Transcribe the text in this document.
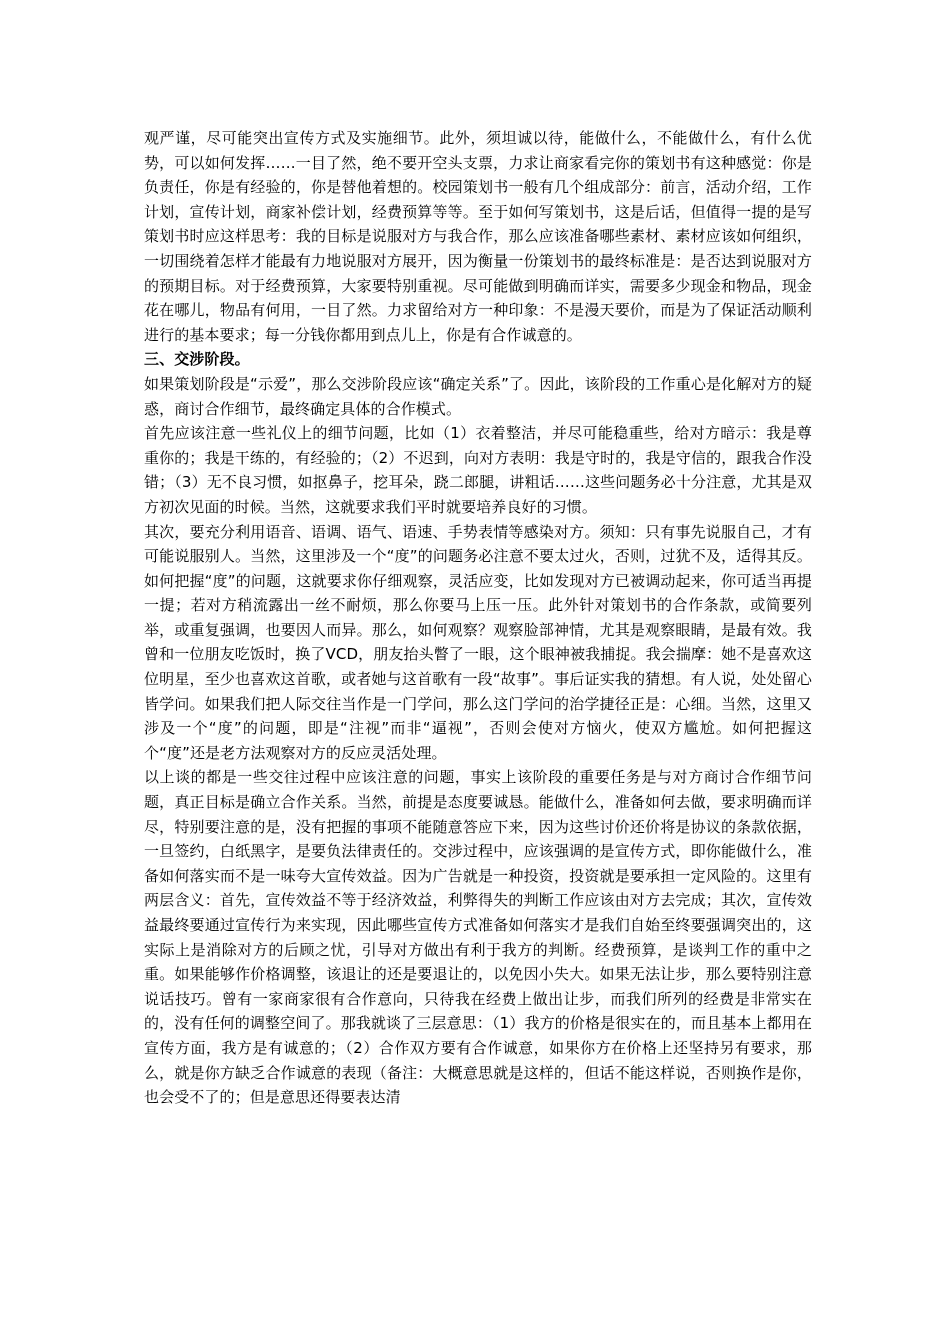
观严谨，尽可能突出宣传方式及实施细节。此外，须坦诚以待，能做什么，不能做什么，有什么优势，可以如何发挥……一目了然，绝不要开空头支票，力求让商家看完你的策划书有这种感觉：你是负责任，你是有经验的，你是替他着想的。校园策划书一般有几个组成部分：前言，活动介绍，工作计划，宣传计划，商家补偿计划，经费预算等等。至于如何写策划书，这是后话，但值得一提的是写策划书时应这样思考：我的目标是说服对方与我合作，那么应该准备哪些素材、素材应该如何组织，一切围绕着怎样才能最有力地说服对方展开，因为衡量一份策划书的最终标准是：是否达到说服对方的预期目标。对于经费预算，大家要特别重视。尽可能做到明确而详实，需要多少现金和物品，现金花在哪儿，物品有何用，一目了然。力求留给对方一种印象：不是漫天要价，而是为了保证活动顺利进行的基本要求；每一分钱你都用到点儿上，你是有合作诚意的。

三、交涉阶段。

如果策划阶段是“示爱”，那么交涉阶段应该“确定关系”了。因此，该阶段的工作重心是化解对方的疑惑，商讨合作细节，最终确定具体的合作模式。

首先应该注意一些礼仪上的细节问题，比如（1）衣着整洁，并尽可能稳重些，给对方暗示：我是尊重你的；我是干练的，有经验的；（2）不迟到，向对方表明：我是守时的，我是守信的，跟我合作没错；（3）无不良习惯，如抠鼻子，挖耳朵，跷二郎腿，讲粗话……这些问题务必十分注意，尤其是双方初次见面的时候。当然，这就要求我们平时就要培养良好的习惯。

其次，要充分利用语音、语调、语气、语速、手势表情等感染对方。须知：只有事先说服自己，才有可能说服别人。当然，这里涉及一个“度”的问题务必注意不要太过火，否则，过犹不及，适得其反。如何把握“度”的问题，这就要求你仔细观察，灵活应变，比如发现对方已被调动起来，你可适当再提一提；若对方稍流露出一丝不耐烦，那么你要马上压一压。此外针对策划书的合作条款，或简要列举，或重复强调，也要因人而异。那么，如何观察？观察脸部神情，尤其是观察眼睛，是最有效。我曾和一位朋友吃饭时，换了VCD，朋友抬头瞥了一眼，这个眼神被我捕捉。我会揣摩：她不是喜欢这位明星，至少也喜欢这首歌，或者她与这首歌有一段“故事”。事后证实我的猜想。有人说，处处留心皆学问。如果我们把人际交往当作是一门学问，那么这门学问的治学捷径正是：心细。当然，这里又涉及一个“度”的问题，即是“注视”而非“逼视”，否则会使对方恼火，使双方尴尬。如何把握这个“度”还是老方法观察对方的反应灵活处理。

以上谈的都是一些交往过程中应该注意的问题，事实上该阶段的重要任务是与对方商讨合作细节问题，真正目标是确立合作关系。当然，前提是态度要诚恳。能做什么，准备如何去做，要求明确而详尽，特别要注意的是，没有把握的事项不能随意答应下来，因为这些讨价还价将是协议的条款依据，一旦签约，白纸黑字，是要负法律责任的。交涉过程中，应该强调的是宣传方式，即你能做什么，准备如何落实而不是一味夸大宣传效益。因为广告就是一种投资，投资就是要承担一定风险的。这里有两层含义：首先，宣传效益不等于经济效益，利弊得失的判断工作应该由对方去完成；其次，宣传效益最终要通过宣传行为来实现，因此哪些宣传方式准备如何落实才是我们自始至终要强调突出的，这实际上是消除对方的后顾之忧，引导对方做出有利于我方的判断。经费预算，是谈判工作的重中之重。如果能够作价格调整，该退让的还是要退让的，以免因小失大。如果无法让步，那么要特别注意说话技巧。曾有一家商家很有合作意向，只待我在经费上做出让步，而我们所列的经费是非常实在的，没有任何的调整空间了。那我就谈了三层意思：（1）我方的价格是很实在的，而且基本上都用在宣传方面，我方是有诚意的；（2）合作双方要有合作诚意，如果你方在价格上还坚持另有要求，那么，就是你方缺乏合作诚意的表现（备注：大概意思就是这样的，但话不能这样说，否则换作是你，也会受不了的；但是意思还得要表达清
